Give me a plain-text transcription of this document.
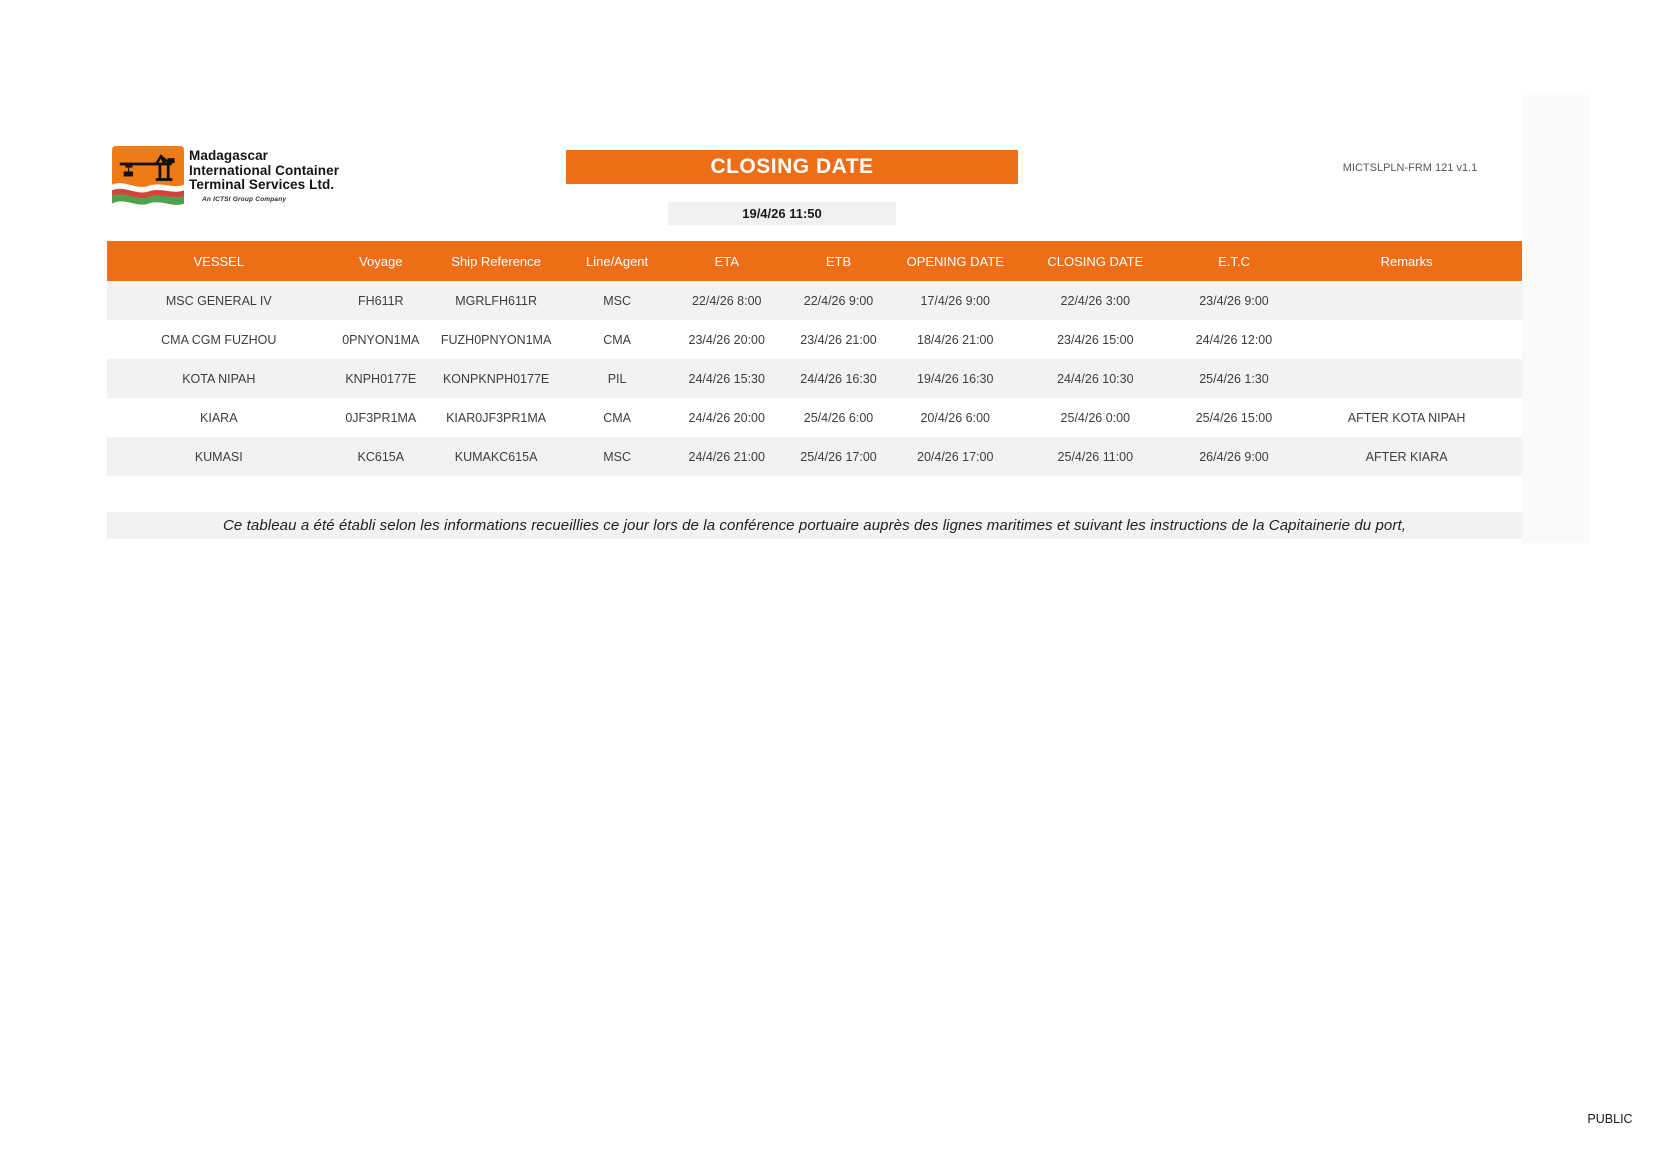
Madagascar
International Container
Terminal Services Ltd.
An ICTSI Group Company
CLOSING DATE	MICTSLPLN-FRM 121 v1.1
19/4/26 11:50
VESSEL	Voyage	Ship Reference	Line/Agent	ETA	ETB	OPENING DATE	CLOSING DATE	E.T.C	Remarks
MSC GENERAL IV	FH611R	MGRLFH611R	MSC	22/4/26 8:00	22/4/26 9:00	17/4/26 9:00	22/4/26 3:00	23/4/26 9:00
CMA CGM FUZHOU	0PNYON1MA	FUZH0PNYON1MA	CMA	23/4/26 20:00	23/4/26 21:00	18/4/26 21:00	23/4/26 15:00	24/4/26 12:00
KOTA NIPAH	KNPH0177E	KONPKNPH0177E	PIL	24/4/26 15:30	24/4/26 16:30	19/4/26 16:30	24/4/26 10:30	25/4/26 1:30
KIARA	0JF3PR1MA	KIAR0JF3PR1MA	CMA	24/4/26 20:00	25/4/26 6:00	20/4/26 6:00	25/4/26 0:00	25/4/26 15:00	AFTER KOTA NIPAH
KUMASI	KC615A	KUMAKC615A	MSC	24/4/26 21:00	25/4/26 17:00	20/4/26 17:00	25/4/26 11:00	26/4/26 9:00	AFTER KIARA
Ce tableau a été établi selon les informations recueillies ce jour lors de la conférence portuaire auprès des lignes maritimes et suivant les instructions de la Capitainerie du port,
PUBLIC
